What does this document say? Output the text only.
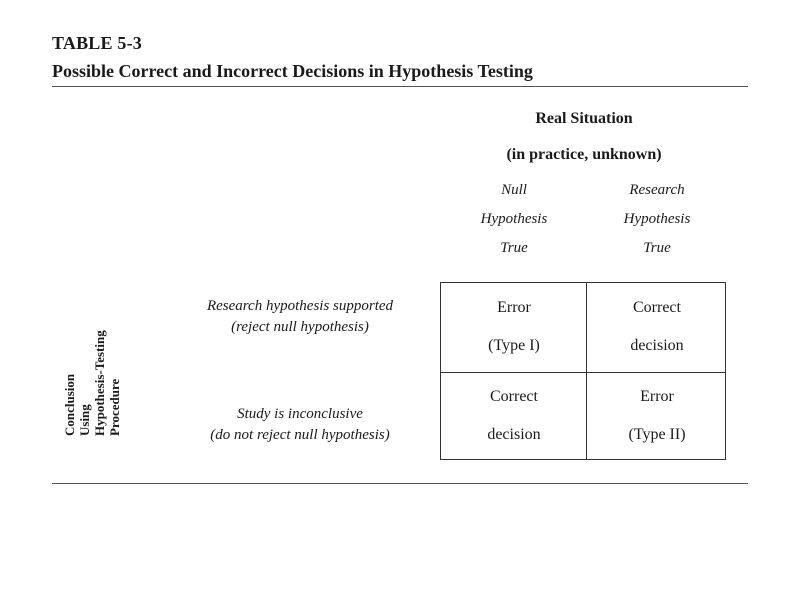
TABLE 5-3
Possible Correct and Incorrect Decisions in Hypothesis Testing
Real Situation
(in practice, unknown)
Null
Hypothesis
True
Research
Hypothesis
True
Conclusion Using Hypothesis-Testing Procedure
Research hypothesis supported
(reject null hypothesis)
Study is inconclusive
(do not reject null hypothesis)
Error
(Type I)
Correct
decision
Correct
decision
Error
(Type II)
